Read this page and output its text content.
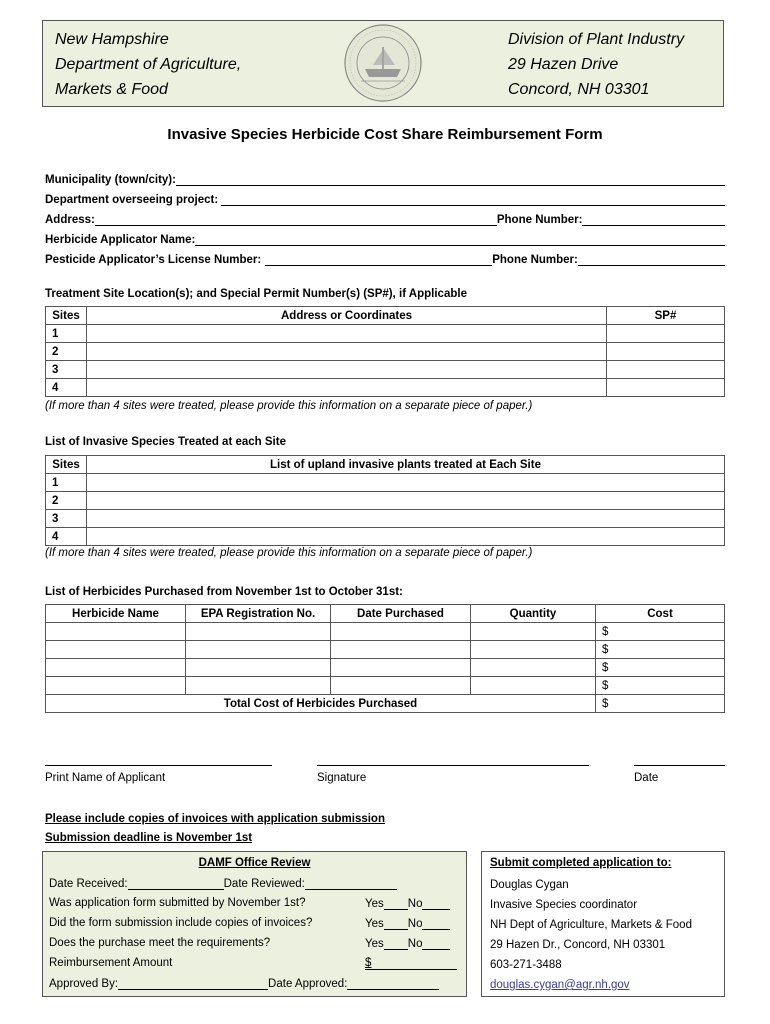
New Hampshire
Department of Agriculture,
Markets & Food
Division of Plant Industry
29 Hazen Drive
Concord, NH 03301
Invasive Species Herbicide Cost Share Reimbursement Form
Municipality (town/city):
Department overseeing project:
Address:	Phone Number:
Herbicide Applicator Name:
Pesticide Applicator’s License Number:	Phone Number:
Treatment Site Location(s); and Special Permit Number(s) (SP#), if Applicable
Sites	Address or Coordinates	SP#
1		
2		
3		
4		
(If more than 4 sites were treated, please provide this information on a separate piece of paper.)
List of Invasive Species Treated at each Site
Sites	List of upland invasive plants treated at Each Site
1	
2	
3	
4	
(If more than 4 sites were treated, please provide this information on a separate piece of paper.)
List of Herbicides Purchased from November 1st to October 31st:
Herbicide Name	EPA Registration No.	Date Purchased	Quantity	Cost
				$
				$
				$
				$
Total Cost of Herbicides Purchased				$
Print Name of Applicant	Signature	Date
Please include copies of invoices with application submission
Submission deadline is November 1st
DAMF Office Review
Date Received:	Date Reviewed:
Was application form submitted by November 1st?	Yes No
Did the form submission include copies of invoices?	Yes No
Does the purchase meet the requirements?	Yes No
Reimbursement Amount	$
Approved By:	Date Approved:
Submit completed application to:
Douglas Cygan
Invasive Species coordinator
NH Dept of Agriculture, Markets & Food
29 Hazen Dr., Concord, NH 03301
603-271-3488
douglas.cygan@agr.nh.gov
